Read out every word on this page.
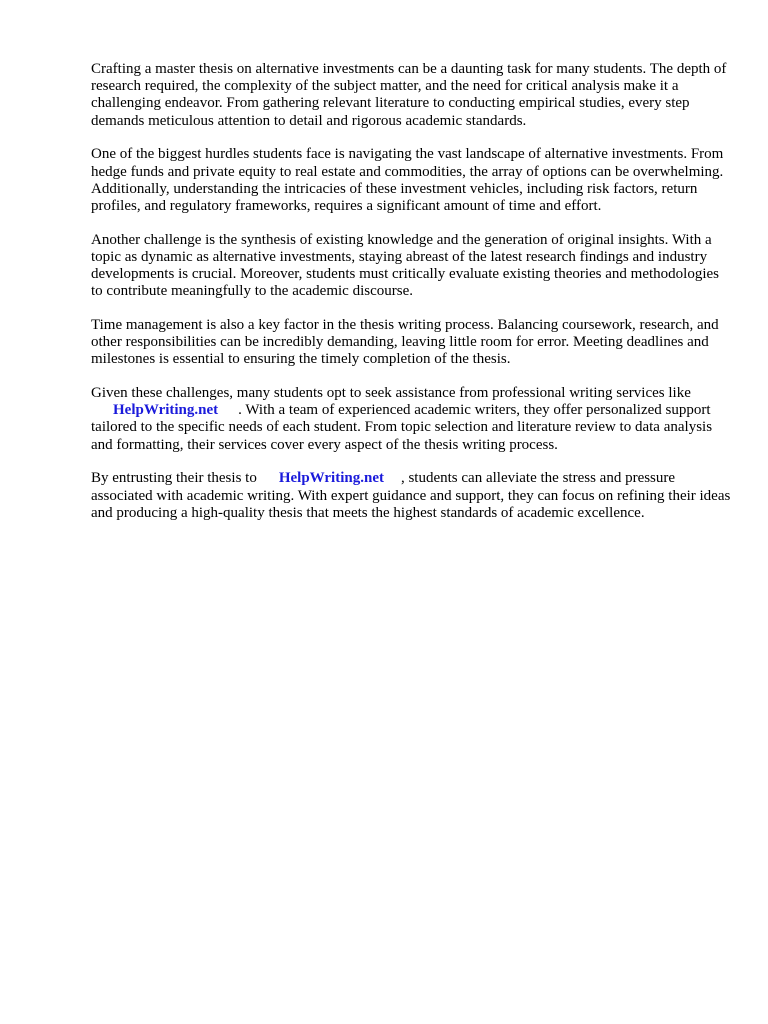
Crafting a master thesis on alternative investments can be a daunting task for many students. The depth of research required, the complexity of the subject matter, and the need for critical analysis make it a challenging endeavor. From gathering relevant literature to conducting empirical studies, every step demands meticulous attention to detail and rigorous academic standards.

One of the biggest hurdles students face is navigating the vast landscape of alternative investments. From hedge funds and private equity to real estate and commodities, the array of options can be overwhelming. Additionally, understanding the intricacies of these investment vehicles, including risk factors, return profiles, and regulatory frameworks, requires a significant amount of time and effort.

Another challenge is the synthesis of existing knowledge and the generation of original insights. With a topic as dynamic as alternative investments, staying abreast of the latest research findings and industry developments is crucial. Moreover, students must critically evaluate existing theories and methodologies to contribute meaningfully to the academic discourse.

Time management is also a key factor in the thesis writing process. Balancing coursework, research, and other responsibilities can be incredibly demanding, leaving little room for error. Meeting deadlines and milestones is essential to ensuring the timely completion of the thesis.

Given these challenges, many students opt to seek assistance from professional writing services like
HelpWriting.net . With a team of experienced academic writers, they offer personalized support tailored to the specific needs of each student. From topic selection and literature review to data analysis and formatting, their services cover every aspect of the thesis writing process.

By entrusting their thesis to HelpWriting.net , students can alleviate the stress and pressure associated with academic writing. With expert guidance and support, they can focus on refining their ideas and producing a high-quality thesis that meets the highest standards of academic excellence.
